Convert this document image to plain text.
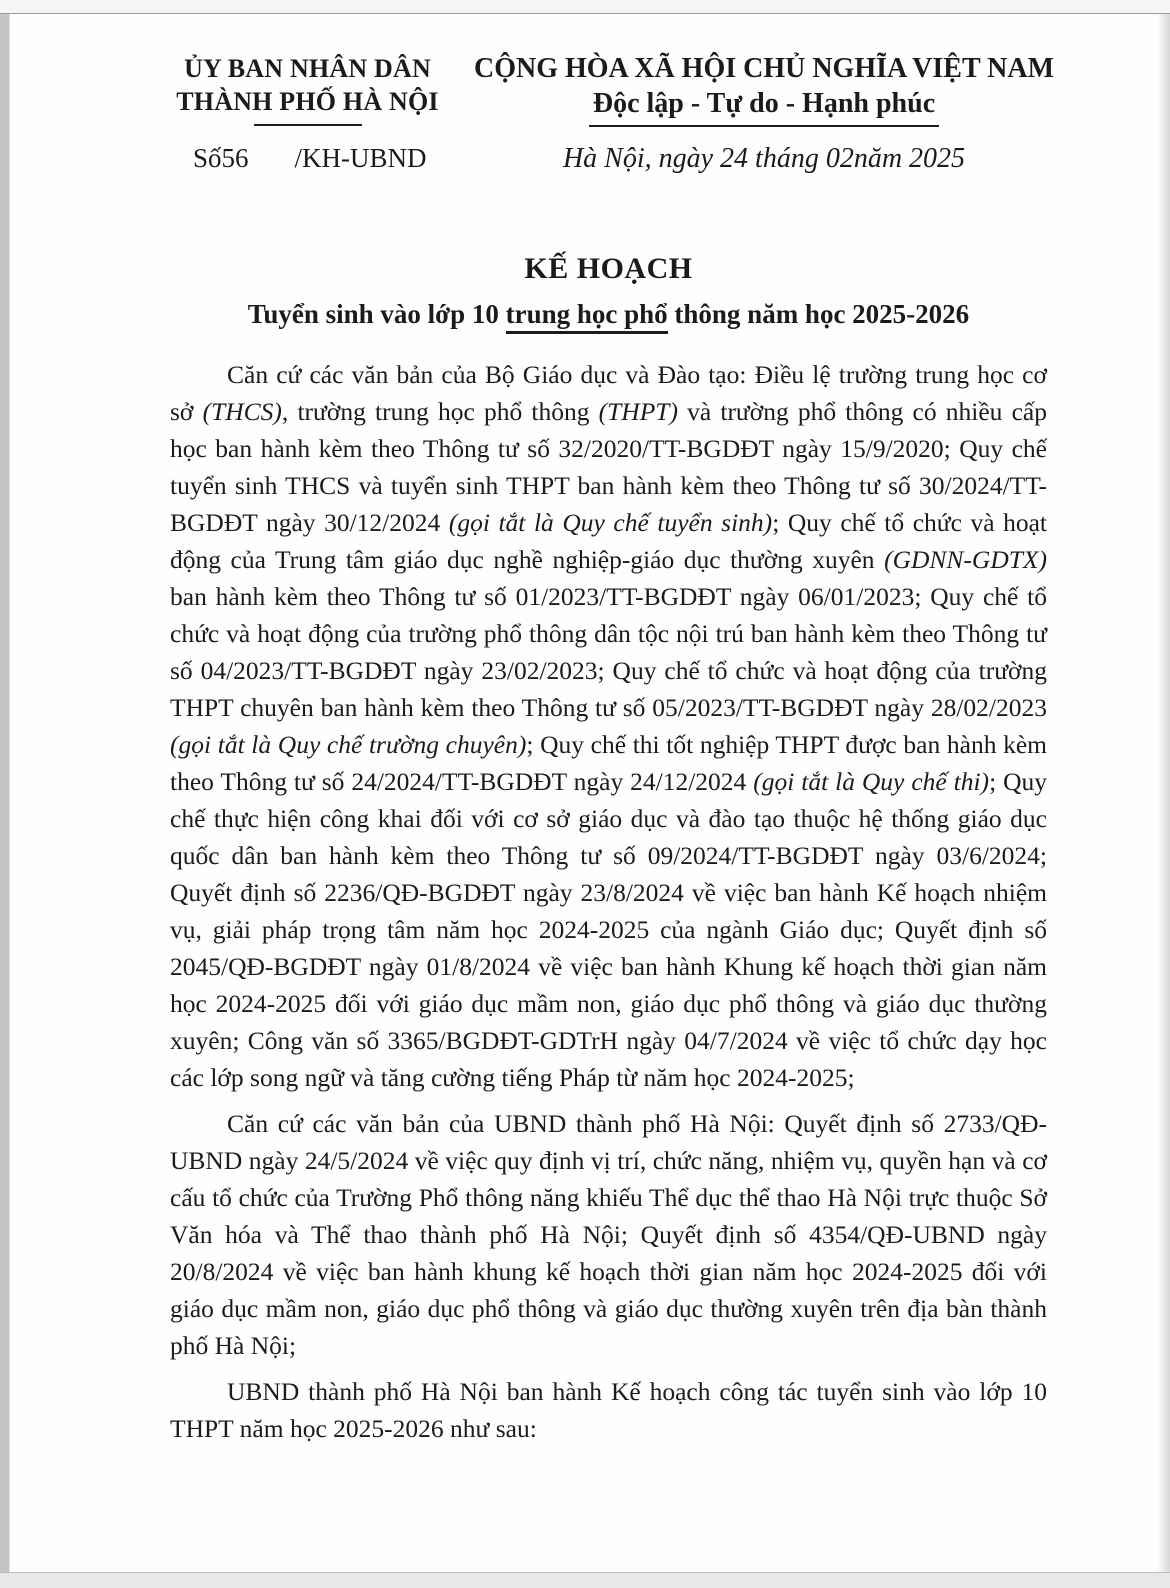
ỦY BAN NHÂN DÂN
THÀNH PHỐ HÀ NỘI
Số56 /KH-UBND
CỘNG HÒA XÃ HỘI CHỦ NGHĨA VIỆT NAM
Độc lập - Tự do - Hạnh phúc
Hà Nội, ngày 24 tháng 02năm 2025
KẾ HOẠCH
Tuyển sinh vào lớp 10 trung học phổ thông năm học 2025-2026

Căn cứ các văn bản của Bộ Giáo dục và Đào tạo: Điều lệ trường trung học cơ sở (THCS), trường trung học phổ thông (THPT) và trường phổ thông có nhiều cấp học ban hành kèm theo Thông tư số 32/2020/TT-BGDĐT ngày 15/9/2020; Quy chế tuyển sinh THCS và tuyển sinh THPT ban hành kèm theo Thông tư số 30/2024/TT-BGDĐT ngày 30/12/2024 (gọi tắt là Quy chế tuyển sinh); Quy chế tổ chức và hoạt động của Trung tâm giáo dục nghề nghiệp-giáo dục thường xuyên (GDNN-GDTX) ban hành kèm theo Thông tư số 01/2023/TT-BGDĐT ngày 06/01/2023; Quy chế tổ chức và hoạt động của trường phổ thông dân tộc nội trú ban hành kèm theo Thông tư số 04/2023/TT-BGDĐT ngày 23/02/2023; Quy chế tổ chức và hoạt động của trường THPT chuyên ban hành kèm theo Thông tư số 05/2023/TT-BGDĐT ngày 28/02/2023 (gọi tắt là Quy chế trường chuyên); Quy chế thi tốt nghiệp THPT được ban hành kèm theo Thông tư số 24/2024/TT-BGDĐT ngày 24/12/2024 (gọi tắt là Quy chế thi); Quy chế thực hiện công khai đối với cơ sở giáo dục và đào tạo thuộc hệ thống giáo dục quốc dân ban hành kèm theo Thông tư số 09/2024/TT-BGDĐT ngày 03/6/2024; Quyết định số 2236/QĐ-BGDĐT ngày 23/8/2024 về việc ban hành Kế hoạch nhiệm vụ, giải pháp trọng tâm năm học 2024-2025 của ngành Giáo dục; Quyết định số 2045/QĐ-BGDĐT ngày 01/8/2024 về việc ban hành Khung kế hoạch thời gian năm học 2024-2025 đối với giáo dục mầm non, giáo dục phổ thông và giáo dục thường xuyên; Công văn số 3365/BGDĐT-GDTrH ngày 04/7/2024 về việc tổ chức dạy học các lớp song ngữ và tăng cường tiếng Pháp từ năm học 2024-2025;

Căn cứ các văn bản của UBND thành phố Hà Nội: Quyết định số 2733/QĐ-UBND ngày 24/5/2024 về việc quy định vị trí, chức năng, nhiệm vụ, quyền hạn và cơ cấu tổ chức của Trường Phổ thông năng khiếu Thể dục thể thao Hà Nội trực thuộc Sở Văn hóa và Thể thao thành phố Hà Nội; Quyết định số 4354/QĐ-UBND ngày 20/8/2024 về việc ban hành khung kế hoạch thời gian năm học 2024-2025 đối với giáo dục mầm non, giáo dục phổ thông và giáo dục thường xuyên trên địa bàn thành phố Hà Nội;

UBND thành phố Hà Nội ban hành Kế hoạch công tác tuyển sinh vào lớp 10 THPT năm học 2025-2026 như sau:
